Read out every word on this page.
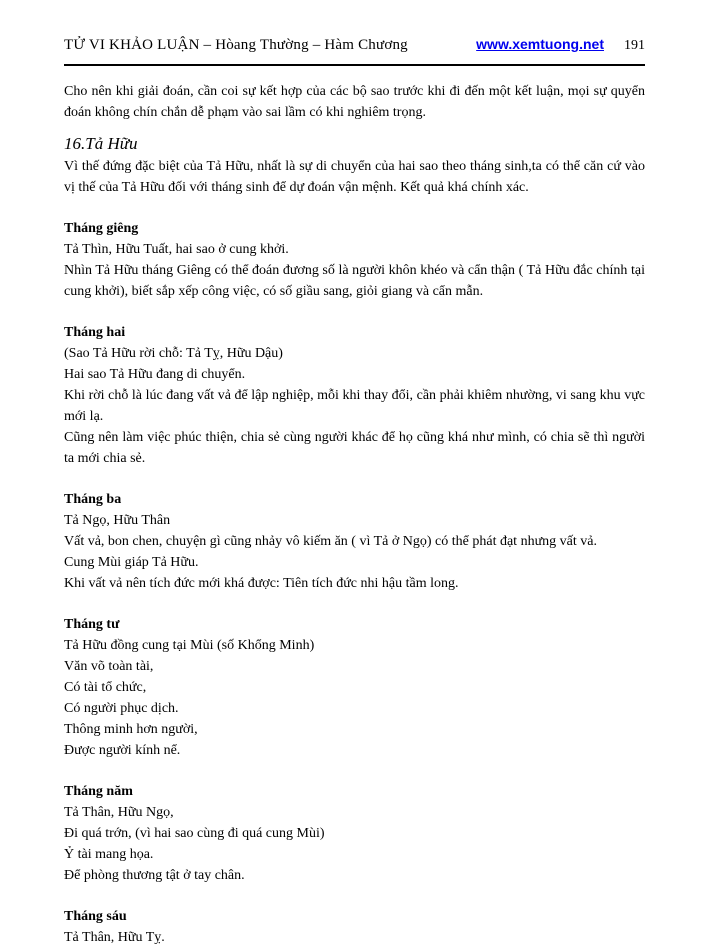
TỬ VI KHẢO LUẬN – Hòang Thường – Hàm Chương	www.xemtuong.net 191

Cho nên khi giải đoán, cần coi sự kết hợp của các bộ sao trước khi đi đến một kết luận, mọi sự quyển đoán không chín chắn dễ phạm vào sai lầm có khi nghiêm trọng.

16.Tả Hữu

Vì thế đứng đặc biệt của Tả Hữu, nhất là sự di chuyển của hai sao theo tháng sinh,ta có thể căn cứ vào vị thế của Tả Hữu đối với tháng sinh để dự đoán vận mệnh. Kết quả khá chính xác.

Tháng giêng
Tả Thìn, Hữu Tuất, hai sao ở cung khởi.
Nhìn Tả Hữu tháng Giêng có thể đoán đương số là người khôn khéo và cẩn thận ( Tả Hữu đắc chính tại cung khởi), biết sắp xếp công việc, có số giầu sang, giỏi giang và cẩn mẫn.
Tháng hai
(Sao Tả Hữu rời chỗ: Tả Tỵ, Hữu Dậu)
Hai sao Tả Hữu đang di chuyển.
Khi rời chỗ là lúc đang vất vả để lập nghiệp, mỗi khi thay đổi, cần phải khiêm nhường, vi sang khu vực mới lạ.
Cũng nên làm việc phúc thiện, chia sẻ cùng người khác để họ cũng khá như mình, có chia sẽ thì người ta mới chia sẻ.
Tháng ba
Tả Ngọ, Hữu Thân
Vất vả, bon chen, chuyện gì cũng nhảy vô kiếm ăn ( vì Tả ở Ngọ) có thể phát đạt nhưng vất vả.
Cung Mùi giáp Tả Hữu.
Khi vất vả nên tích đức mới khá được: Tiên tích đức nhi hậu tầm long.
Tháng tư
Tả Hữu đồng cung tại Mùi (số Khổng Minh)
Văn võ toàn tài,
Có tài tổ chức,
Có người phục dịch.
Thông minh hơn người,
Được người kính nể.
Tháng năm
Tả Thân, Hữu Ngọ,
Đi quá trớn, (vì hai sao cùng đi quá cung Mùi)
Ỷ tài mang họa.
Để phòng thương tật ở tay chân.
Tháng sáu
Tả Thân, Hữu Tỵ.
